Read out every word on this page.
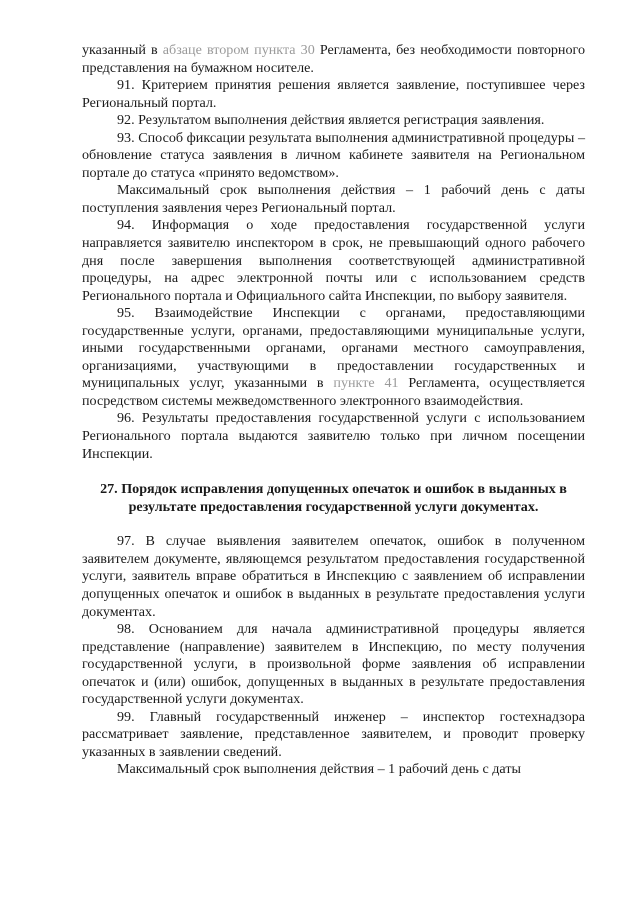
указанный в абзаце втором пункта 30 Регламента, без необходимости повторного представления на бумажном носителе.

91. Критерием принятия решения является заявление, поступившее через Региональный портал.

92. Результатом выполнения действия является регистрация заявления.

93. Способ фиксации результата выполнения административной процедуры – обновление статуса заявления в личном кабинете заявителя на Региональном портале до статуса «принято ведомством».

Максимальный срок выполнения действия – 1 рабочий день с даты поступления заявления через Региональный портал.

94. Информация о ходе предоставления государственной услуги направляется заявителю инспектором в срок, не превышающий одного рабочего дня после завершения выполнения соответствующей административной процедуры, на адрес электронной почты или с использованием средств Регионального портала и Официального сайта Инспекции, по выбору заявителя.

95. Взаимодействие Инспекции с органами, предоставляющими государственные услуги, органами, предоставляющими муниципальные услуги, иными государственными органами, органами местного самоуправления, организациями, участвующими в предоставлении государственных и муниципальных услуг, указанными в пункте 41 Регламента, осуществляется посредством системы межведомственного электронного взаимодействия.

96. Результаты предоставления государственной услуги с использованием Регионального портала выдаются заявителю только при личном посещении Инспекции.

27. Порядок исправления допущенных опечаток и ошибок в выданных в результате предоставления государственной услуги документах.

97. В случае выявления заявителем опечаток, ошибок в полученном заявителем документе, являющемся результатом предоставления государственной услуги, заявитель вправе обратиться в Инспекцию с заявлением об исправлении допущенных опечаток и ошибок в выданных в результате предоставления услуги документах.

98. Основанием для начала административной процедуры является представление (направление) заявителем в Инспекцию, по месту получения государственной услуги, в произвольной форме заявления об исправлении опечаток и (или) ошибок, допущенных в выданных в результате предоставления государственной услуги документах.

99. Главный государственный инженер – инспектор гостехнадзора рассматривает заявление, представленное заявителем, и проводит проверку указанных в заявлении сведений.

Максимальный срок выполнения действия – 1 рабочий день с даты
